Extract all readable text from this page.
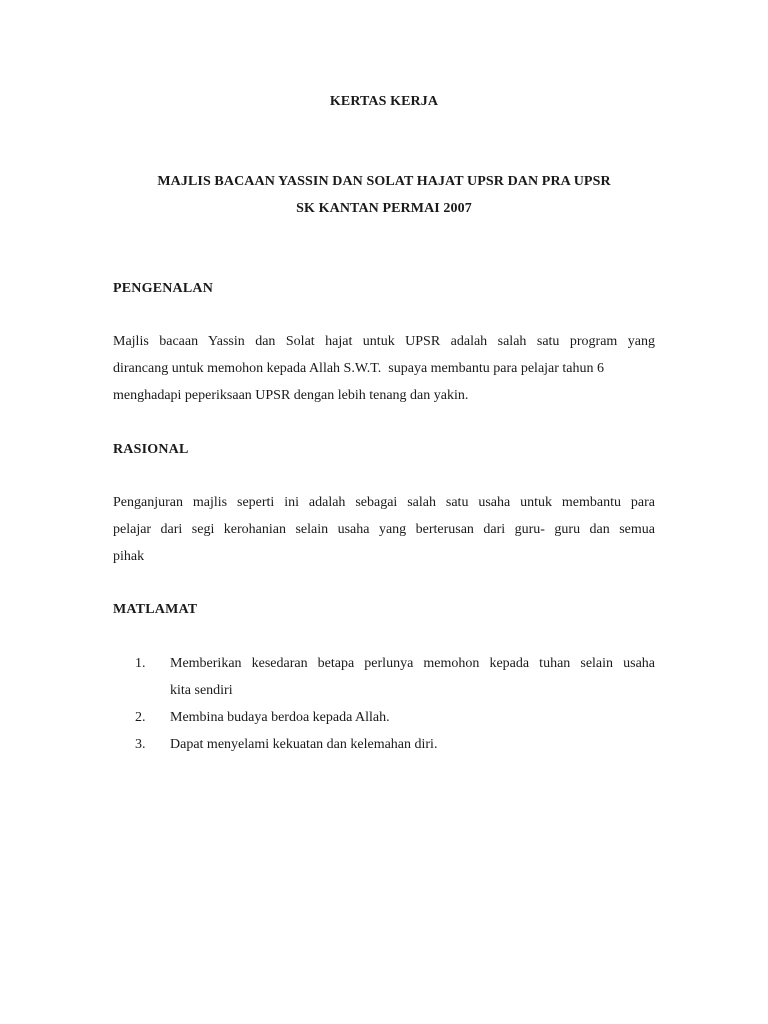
KERTAS KERJA
MAJLIS BACAAN YASSIN DAN SOLAT HAJAT UPSR DAN PRA UPSR
SK KANTAN PERMAI 2007
PENGENALAN
Majlis bacaan Yassin dan Solat hajat untuk UPSR adalah salah satu program yang
dirancang untuk memohon kepada Allah S.W.T.  supaya membantu para pelajar tahun 6
menghadapi peperiksaan UPSR dengan lebih tenang dan yakin.
RASIONAL
Penganjuran majlis seperti ini adalah sebagai salah satu usaha untuk membantu para
pelajar dari segi kerohanian selain usaha yang berterusan dari guru- guru dan semua
pihak
MATLAMAT
1. Memberikan kesedaran betapa perlunya memohon kepada tuhan selain usaha
kita sendiri
2. Membina budaya berdoa kepada Allah.
3. Dapat menyelami kekuatan dan kelemahan diri.
